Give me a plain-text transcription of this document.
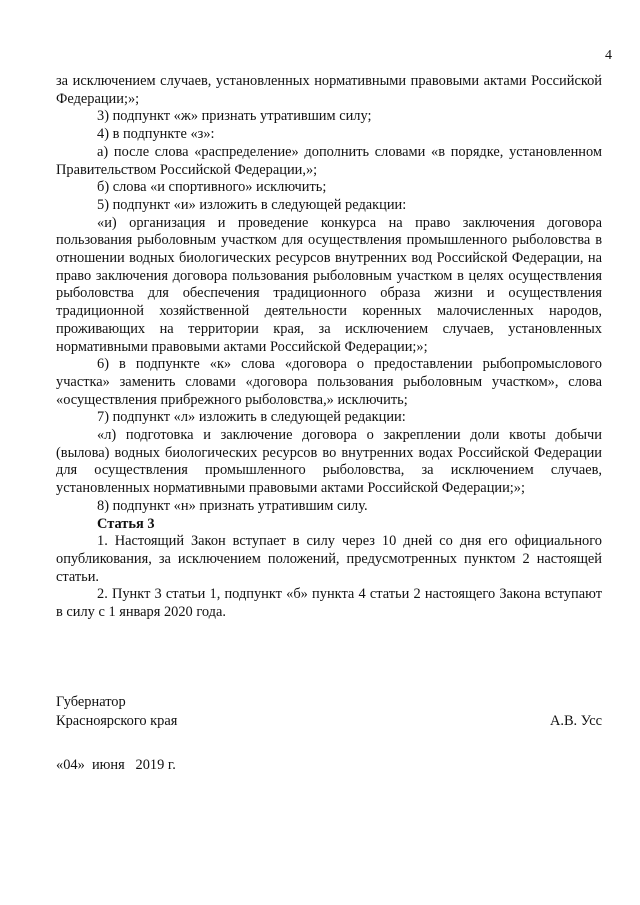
4

за исключением случаев, установленных нормативными правовыми актами Российской Федерации;»;

3) подпункт «ж» признать утратившим силу;

4) в подпункте «з»:

а) после слова «распределение» дополнить словами «в порядке, установленном Правительством Российской Федерации,»;

б) слова «и спортивного» исключить;

5) подпункт «и» изложить в следующей редакции:

«и) организация и проведение конкурса на право заключения договора пользования рыболовным участком для осуществления промышленного рыболовства в отношении водных биологических ресурсов внутренних вод Российской Федерации, на право заключения договора пользования рыболовным участком в целях осуществления рыболовства для обеспечения традиционного образа жизни и осуществления традиционной хозяйственной деятельности коренных малочисленных народов, проживающих на территории края, за исключением случаев, установленных нормативными правовыми актами Российской Федерации;»;

6) в подпункте «к» слова «договора о предоставлении рыбопромыслового участка» заменить словами «договора пользования рыболовным участком», слова «осуществления прибрежного рыболовства,» исключить;

7) подпункт «л» изложить в следующей редакции:

«л) подготовка и заключение договора о закреплении доли квоты добычи (вылова) водных биологических ресурсов во внутренних водах Российской Федерации для осуществления промышленного рыболовства, за исключением случаев, установленных нормативными правовыми актами Российской Федерации;»;

8) подпункт «н» признать утратившим силу.

Статья 3

1. Настоящий Закон вступает в силу через 10 дней со дня его официального опубликования, за исключением положений, предусмотренных пунктом 2 настоящей статьи.

2. Пункт 3 статьи 1, подпункт «б» пункта 4 статьи 2 настоящего Закона вступают в силу с 1 января 2020 года.

Губернатор
Красноярского края	А.В. Усс
«04»  июня   2019 г.
